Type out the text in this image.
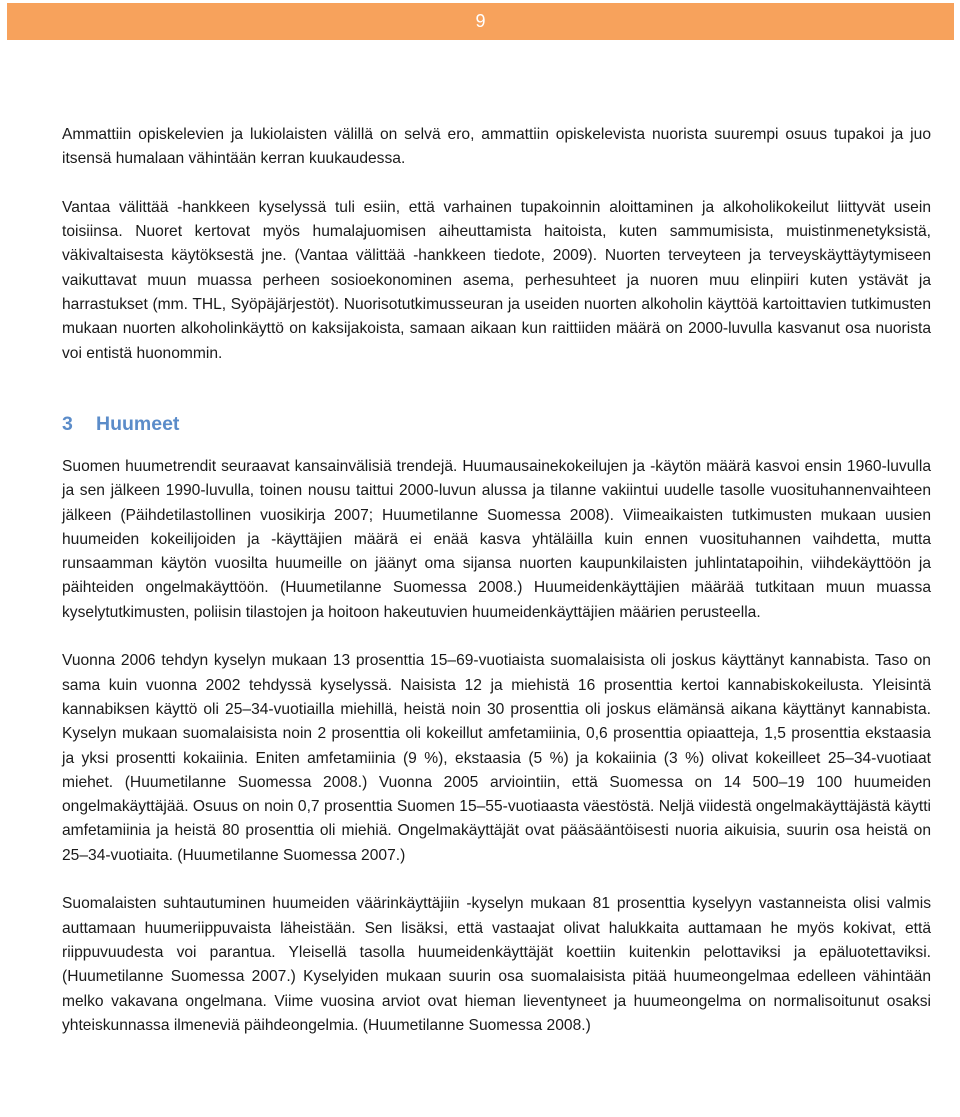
9

Ammattiin opiskelevien ja lukiolaisten välillä on selvä ero, ammattiin opiskelevista nuorista suurempi osuus tupakoi ja juo itsensä humalaan vähintään kerran kuukaudessa.

Vantaa välittää -hankkeen kyselyssä tuli esiin, että varhainen tupakoinnin aloittaminen ja alkoholikokeilut liittyvät usein toisiinsa. Nuoret kertovat myös humalajuomisen aiheuttamista haitoista, kuten sammumisista, muistinmenetyksistä, väkivaltaisesta käytöksestä jne. (Vantaa välittää -hankkeen tiedote, 2009). Nuorten terveyteen ja terveyskäyttäytymiseen vaikuttavat muun muassa perheen sosioekonominen asema, perhesuhteet ja nuoren muu elinpiiri kuten ystävät ja harrastukset (mm. THL, Syöpäjärjestöt). Nuorisotutkimusseuran ja useiden nuorten alkoholin käyttöä kartoittavien tutkimusten mukaan nuorten alkoholinkäyttö on kaksijakoista, samaan aikaan kun raittiiden määrä on 2000-luvulla kasvanut osa nuorista voi entistä huonommin.

3 Huumeet

Suomen huumetrendit seuraavat kansainvälisiä trendejä. Huumausainekokeilujen ja -käytön määrä kasvoi ensin 1960-luvulla ja sen jälkeen 1990-luvulla, toinen nousu taittui 2000-luvun alussa ja tilanne vakiintui uudelle tasolle vuosituhannenvaihteen jälkeen (Päihdetilastollinen vuosikirja 2007; Huumetilanne Suomessa 2008). Viimeaikaisten tutkimusten mukaan uusien huumeiden kokeilijoiden ja -käyttäjien määrä ei enää kasva yhtäläilla kuin ennen vuosituhannen vaihdetta, mutta runsaamman käytön vuosilta huumeille on jäänyt oma sijansa nuorten kaupunkilaisten juhlintatapoihin, viihdekäyttöön ja päihteiden ongelmakäyttöön. (Huumetilanne Suomessa 2008.) Huumeidenkäyttäjien määrää tutkitaan muun muassa kyselytutkimusten, poliisin tilastojen ja hoitoon hakeutuvien huumeidenkäyttäjien määrien perusteella.

Vuonna 2006 tehdyn kyselyn mukaan 13 prosenttia 15–69-vuotiaista suomalaisista oli joskus käyttänyt kannabista. Taso on sama kuin vuonna 2002 tehdyssä kyselyssä. Naisista 12 ja miehistä 16 prosenttia kertoi kannabiskokeilusta. Yleisintä kannabiksen käyttö oli 25–34-vuotiailla miehillä, heistä noin 30 prosenttia oli joskus elämänsä aikana käyttänyt kannabista. Kyselyn mukaan suomalaisista noin 2 prosenttia oli kokeillut amfetamiinia, 0,6 prosenttia opiaatteja, 1,5 prosenttia ekstaasia ja yksi prosentti kokaiinia. Eniten amfetamiinia (9 %), ekstaasia (5 %) ja kokaiinia (3 %) olivat kokeilleet 25–34-vuotiaat miehet. (Huumetilanne Suomessa 2008.) Vuonna 2005 arviointiin, että Suomessa on 14 500–19 100 huumeiden ongelmakäyttäjää. Osuus on noin 0,7 prosenttia Suomen 15–55-vuotiaasta väestöstä. Neljä viidestä ongelmakäyttäjästä käytti amfetamiinia ja heistä 80 prosenttia oli miehiä. Ongelmakäyttäjät ovat pääsääntöisesti nuoria aikuisia, suurin osa heistä on 25–34-vuotiaita. (Huumetilanne Suomessa 2007.)

Suomalaisten suhtautuminen huumeiden väärinkäyttäjiin -kyselyn mukaan 81 prosenttia kyselyyn vastanneista olisi valmis auttamaan huumeriippuvaista läheistään. Sen lisäksi, että vastaajat olivat halukkaita auttamaan he myös kokivat, että riippuvuudesta voi parantua. Yleisellä tasolla huumeidenkäyttäjät koettiin kuitenkin pelottaviksi ja epäluotettaviksi. (Huumetilanne Suomessa 2007.) Kyselyiden mukaan suurin osa suomalaisista pitää huumeongelmaa edelleen vähintään melko vakavana ongelmana. Viime vuosina arviot ovat hieman lieventyneet ja huumeongelma on normalisoitunut osaksi yhteiskunnassa ilmeneviä päihdeongelmia. (Huumetilanne Suomessa 2008.)
